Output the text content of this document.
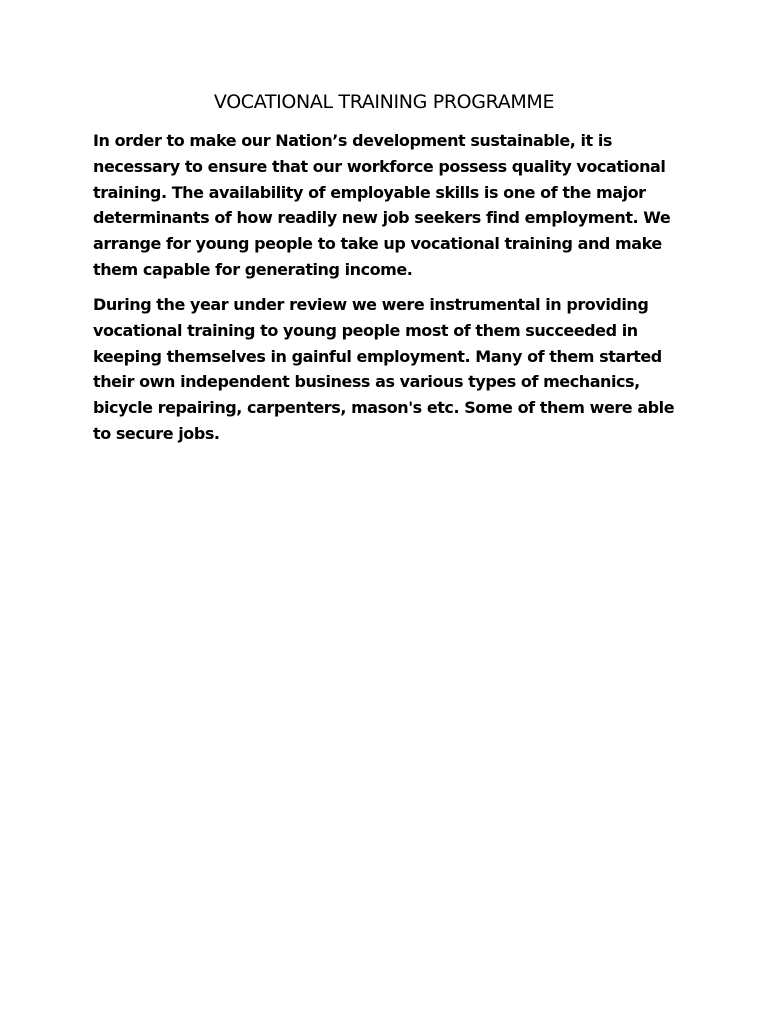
VOCATIONAL TRAINING PROGRAMME

In order to make our Nation’s development sustainable, it is
necessary to ensure that our workforce possess quality vocational
training. The availability of employable skills is one of the major
determinants of how readily new job seekers find employment. We
arrange for young people to take up vocational training and make
them capable for generating income.

During the year under review we were instrumental in providing
vocational training to young people most of them succeeded in
keeping themselves in gainful employment. Many of them started
their own independent business as various types of mechanics,
bicycle repairing, carpenters, mason's etc. Some of them were able
to secure jobs.
